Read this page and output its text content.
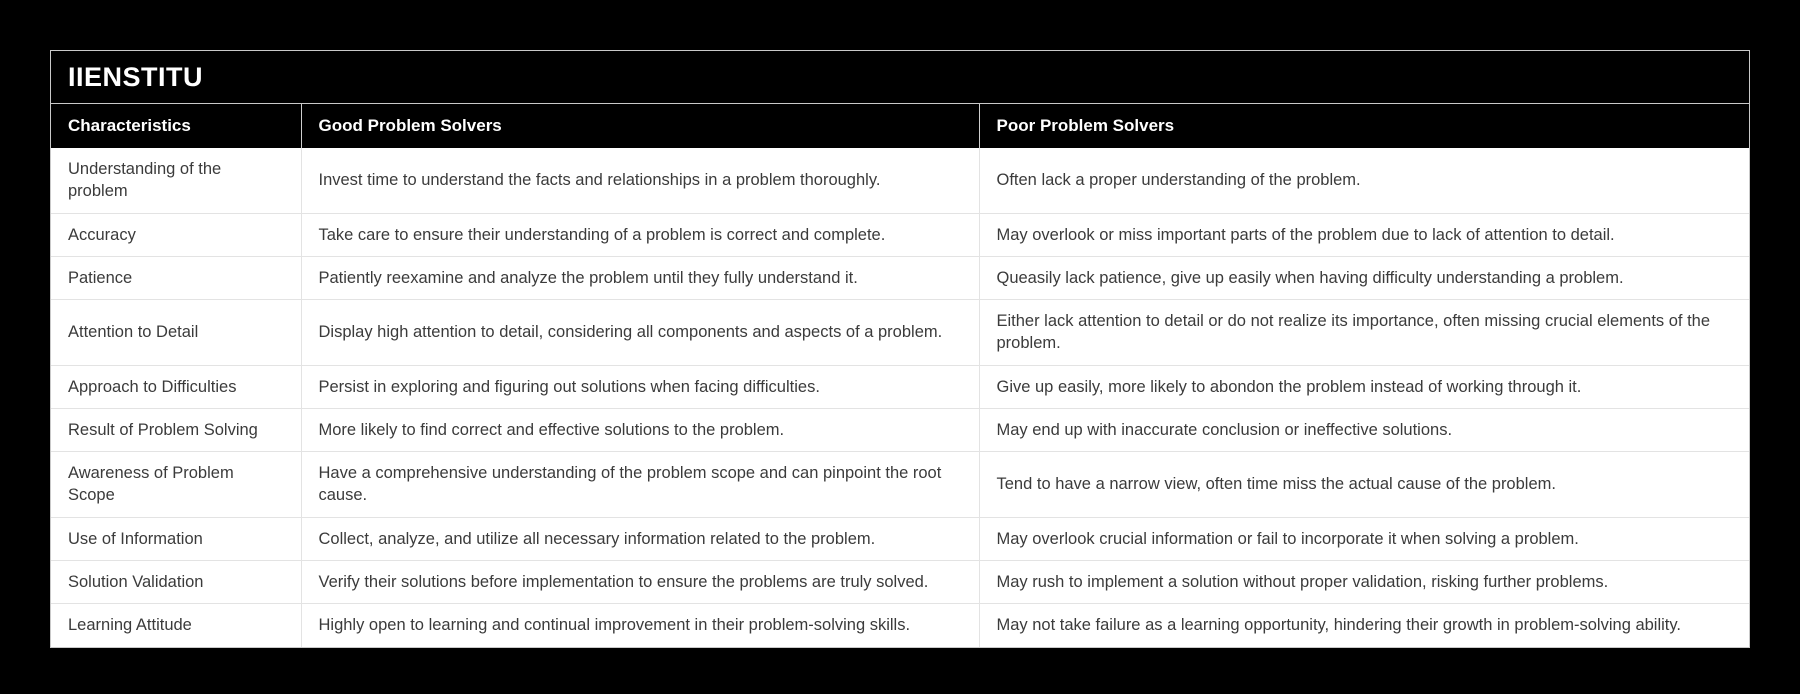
IIENSTITU
Characteristics	Good Problem Solvers	Poor Problem Solvers
Understanding of the problem	Invest time to understand the facts and relationships in a problem thoroughly.	Often lack a proper understanding of the problem.
Accuracy	Take care to ensure their understanding of a problem is correct and complete.	May overlook or miss important parts of the problem due to lack of attention to detail.
Patience	Patiently reexamine and analyze the problem until they fully understand it.	Queasily lack patience, give up easily when having difficulty understanding a problem.
Attention to Detail	Display high attention to detail, considering all components and aspects of a problem.	Either lack attention to detail or do not realize its importance, often missing crucial elements of the problem.
Approach to Difficulties	Persist in exploring and figuring out solutions when facing difficulties.	Give up easily, more likely to abondon the problem instead of working through it.
Result of Problem Solving	More likely to find correct and effective solutions to the problem.	May end up with inaccurate conclusion or ineffective solutions.
Awareness of Problem Scope	Have a comprehensive understanding of the problem scope and can pinpoint the root cause.	Tend to have a narrow view, often time miss the actual cause of the problem.
Use of Information	Collect, analyze, and utilize all necessary information related to the problem.	May overlook crucial information or fail to incorporate it when solving a problem.
Solution Validation	Verify their solutions before implementation to ensure the problems are truly solved.	May rush to implement a solution without proper validation, risking further problems.
Learning Attitude	Highly open to learning and continual improvement in their problem-solving skills.	May not take failure as a learning opportunity, hindering their growth in problem-solving ability.
